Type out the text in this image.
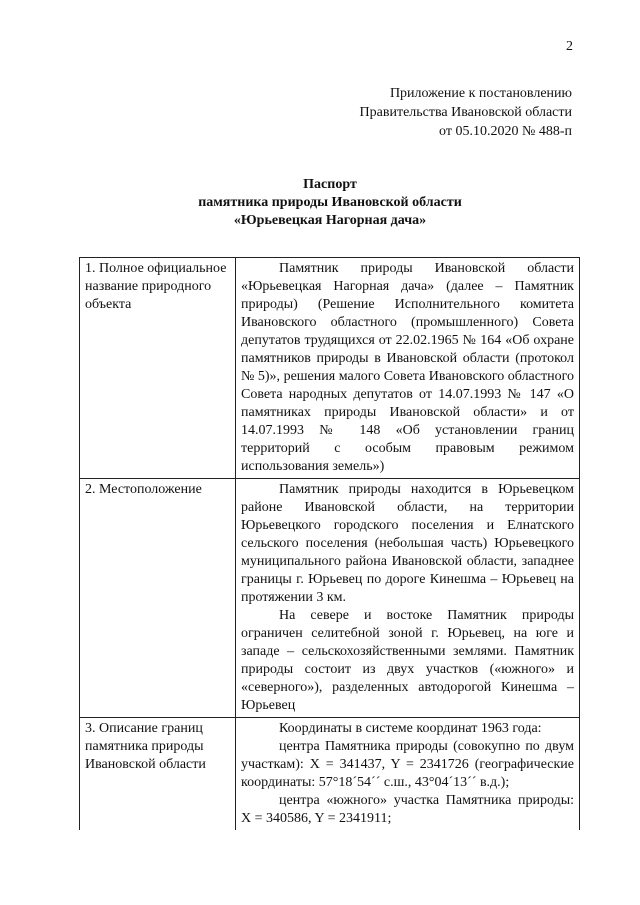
2
Приложение к постановлению
Правительства Ивановской области
от 05.10.2020 № 488-п
Паспорт
памятника природы Ивановской области
«Юрьевецкая Нагорная дача»
1. Полное официальное название природного объекта	Памятник природы Ивановской области «Юрьевецкая Нагорная дача» (далее – Памятник природы) (Решение Исполнительного комитета Ивановского областного (промышленного) Совета депутатов трудящихся от 22.02.1965 № 164 «Об охране памятников природы в Ивановской области (протокол № 5)», решения малого Совета Ивановского областного Совета народных депутатов от 14.07.1993 № 147 «О памятниках природы Ивановской области» и от 14.07.1993 № 148 «Об установлении границ территорий с особым правовым режимом использования земель»)

2. Местоположение	Памятник природы находится в Юрьевецком районе Ивановской области, на территории Юрьевецкого городского поселения и Елнатского сельского поселения (небольшая часть) Юрьевецкого муниципального района Ивановской области, западнее границы г. Юрьевец по дороге Кинешма – Юрьевец на протяжении 3 км.

На севере и востоке Памятник природы ограничен селитебной зоной г. Юрьевец, на юге и западе – сельскохозяйственными землями. Памятник природы состоит из двух участков («южного» и «северного»), разделенных автодорогой Кинешма – Юрьевец

3. Описание границ памятника природы Ивановской области	Координаты в системе координат 1963 года:

центра Памятника природы (совокупно по двум участкам): X = 341437, Y = 2341726 (географические координаты: 57°18´54´´ с.ш., 43°04´13´´ в.д.);

центра «южного» участка Памятника природы: X = 340586, Y = 2341911;
